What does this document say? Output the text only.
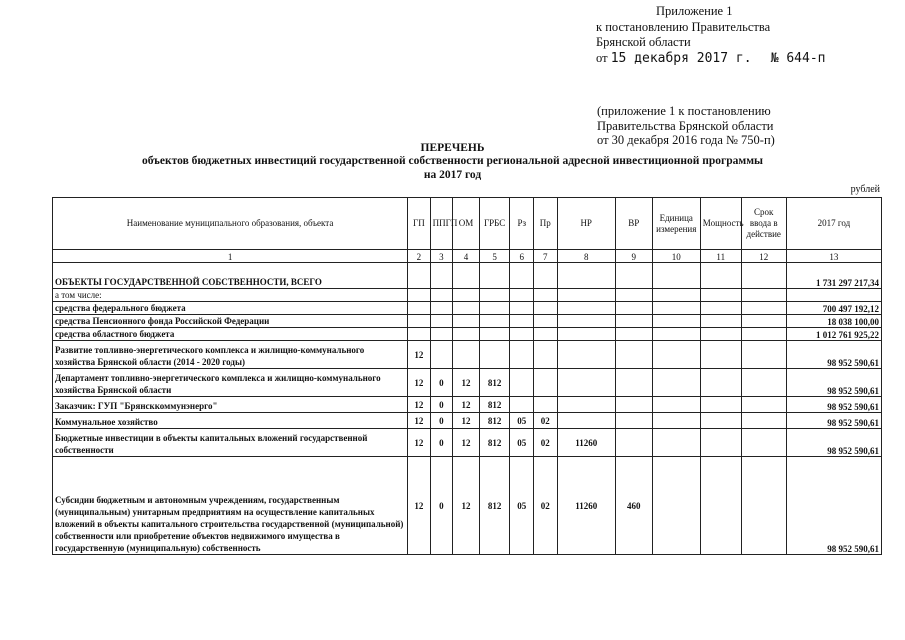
Приложение 1
к постановлению Правительства
Брянской области
от 15 декабря 2017 г. № 644-п
(приложение 1 к постановлению
Правительства Брянской области
от 30 декабря 2016 года № 750-п)
ПЕРЕЧЕНЬ
объектов бюджетных инвестиций государственной собственности региональной адресной инвестиционной программы
на 2017 год
рублей
Наименование муниципального образования, объекта	ГП	ППГП	ОМ	ГРБС	Рз	Пр	НР	ВР	Единица измерения	Мощность	Срок ввода в действие	2017 год
1	2	3	4	5	6	7	8	9	10	11	12	13
ОБЪЕКТЫ ГОСУДАРСТВЕННОЙ СОБСТВЕННОСТИ, ВСЕГО												1 731 297 217,34
а том числе:												
средства федерального бюджета												700 497 192,12
средства Пенсионного фонда Российской Федерации												18 038 100,00
средства областного бюджета												1 012 761 925,22
Развитие топливно-энергетического комплекса и жилищно-коммунального хозяйства Брянской области (2014 - 2020 годы)	12											98 952 590,61
Департамент топливно-энергетического комплекса и жилищно-коммунального хозяйства Брянской области	12	0	12	812								98 952 590,61
Заказчик: ГУП "Брянсккоммунэнерго"	12	0	12	812								98 952 590,61
Коммунальное хозяйство	12	0	12	812	05	02						98 952 590,61
Бюджетные инвестиции в объекты капитальных вложений государственной собственности	12	0	12	812	05	02	11260					98 952 590,61
Субсидии бюджетным и автономным учреждениям, государственным (муниципальным) унитарным предприятиям на осуществление капитальных вложений в объекты капитального строительства государственной (муниципальной) собственности или приобретение объектов недвижимого имущества в государственную (муниципальную) собственность	12	0	12	812	05	02	11260	460				98 952 590,61
